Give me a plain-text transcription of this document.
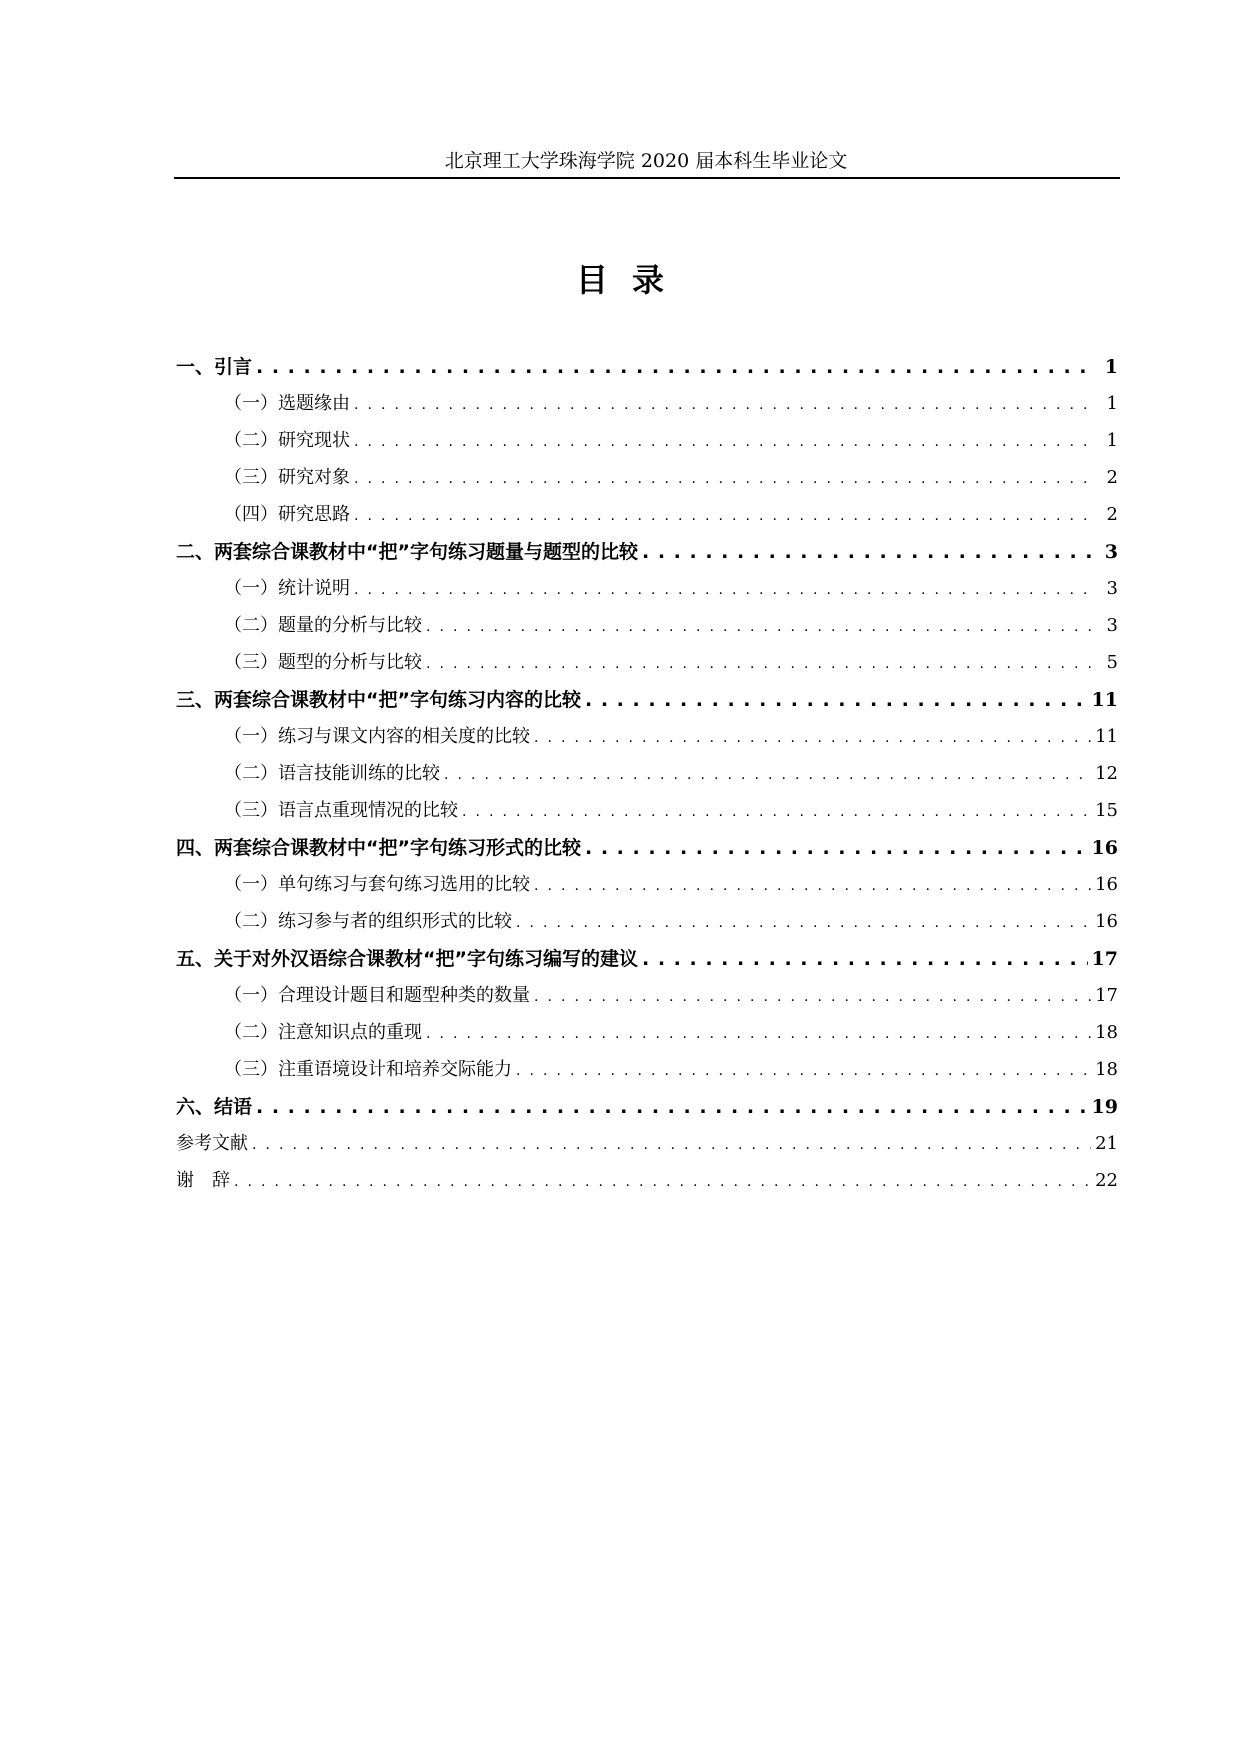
北京理工大学珠海学院 2020 届本科生毕业论文
目录
一、引言 . . .	1
（一）选题缘由 . . .	1
（二）研究现状 . . .	1
（三）研究对象 . . .	2
（四）研究思路 . . .	2
二、两套综合课教材中“把”字句练习题量与题型的比较 . . .	3
（一）统计说明 . . .	3
（二）题量的分析与比较 . . .	3
（三）题型的分析与比较 . . .	5
三、两套综合课教材中“把”字句练习内容的比较 . . .	11
（一）练习与课文内容的相关度的比较 . . .	11
（二）语言技能训练的比较 . . .	12
（三）语言点重现情况的比较 . . .	15
四、两套综合课教材中“把”字句练习形式的比较 . . .	16
（一）单句练习与套句练习选用的比较 . . .	16
（二）练习参与者的组织形式的比较 . . .	16
五、关于对外汉语综合课教材“把”字句练习编写的建议 . . .	17
（一）合理设计题目和题型种类的数量 . . .	17
（二）注意知识点的重现 . . .	18
（三）注重语境设计和培养交际能力 . . .	18
六、结语 . . .	19
参考文献 . . .	21
谢　辞 . . .	22
